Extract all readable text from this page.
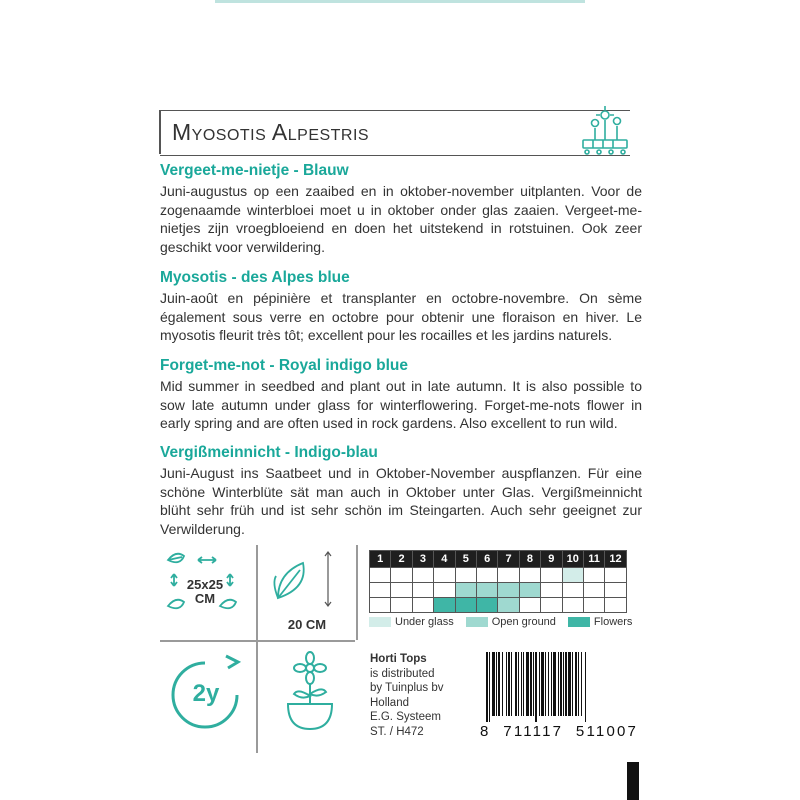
Myosotis Alpestris

Vergeet-me-nietje - Blauw

Juni-augustus op een zaaibed en in oktober-november uitplanten. Voor de zogenaamde winterbloei moet u in oktober onder glas zaaien. Vergeet-me-nietjes zijn vroegbloeiend en doen het uitstekend in rotstuinen. Ook zeer geschikt voor verwildering.

Myosotis - des Alpes blue

Juin-août en pépinière et transplanter en octobre-novembre. On sème également sous verre en octobre pour obtenir une floraison en hiver. Le myosotis fleurit très tôt; excellent pour les rocailles et les jardins naturels.

Forget-me-not - Royal indigo blue

Mid summer in seedbed and plant out in late autumn. It is also possible to sow late autumn under glass for winterflowering. Forget-me-nots flower in early spring and are often used in rock gardens. Also excellent to run wild.

Vergißmeinnicht - Indigo-blau

Juni-August ins Saatbeet und in Oktober-November auspflanzen. Für eine schöne Winterblüte sät man auch in Oktober unter Glas. Vergißmeinnicht blüht sehr früh und ist sehr schön im Steingarten. Auch sehr geeignet zur Verwilderung.

25x25
CM
20 CM
2y
1	2	3	4	5	6	7	8	9	10	11	12

Under glass	Open ground	Flowers
Horti Tops
is distributed
by Tuinplus bv
Holland
E.G. Systeem
ST. / H472	8  711117  511007
